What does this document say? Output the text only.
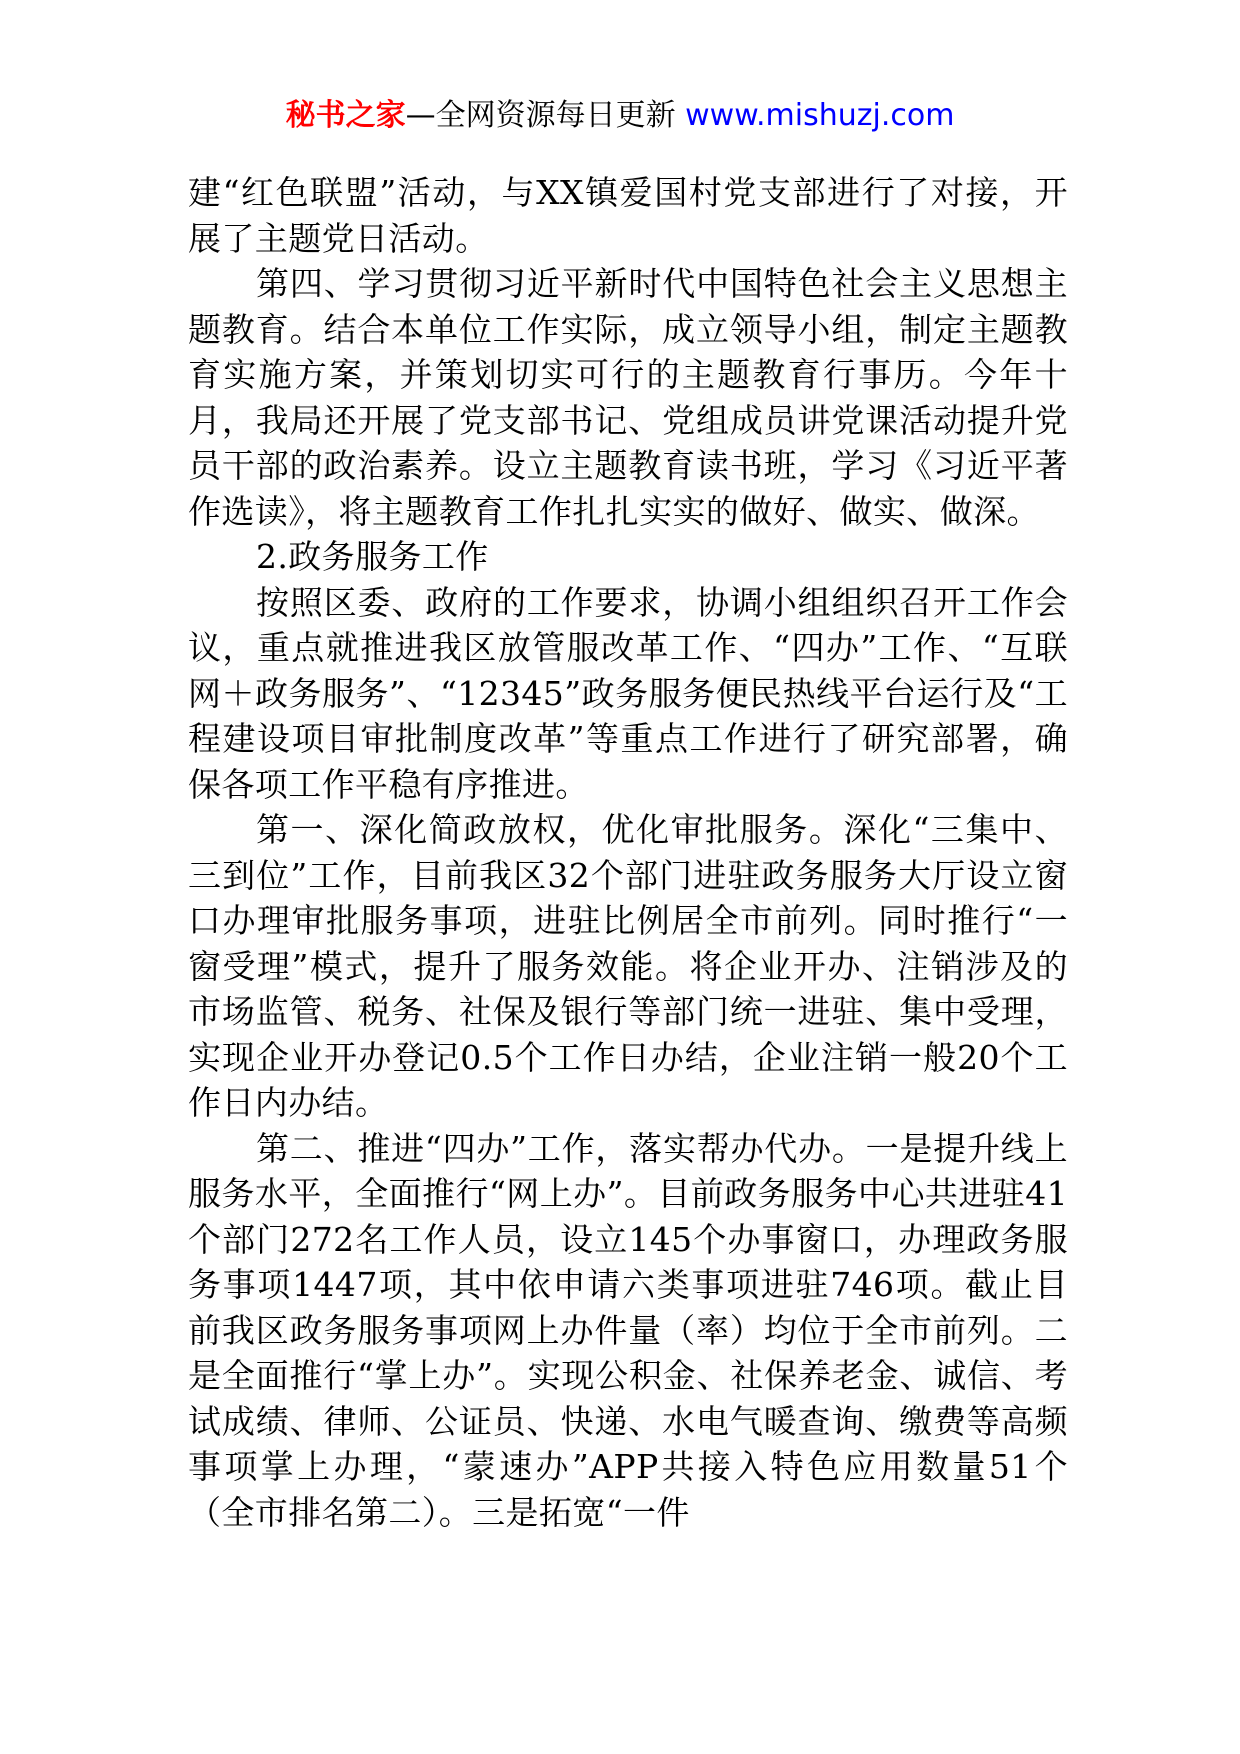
秘书之家—全网资源每日更新 www.mishuzj.com

建“红色联盟”活动，与XX镇爱国村党支部进行了对接，开展了主题党日活动。

第四、学习贯彻习近平新时代中国特色社会主义思想主题教育。结合本单位工作实际，成立领导小组，制定主题教育实施方案，并策划切实可行的主题教育行事历。今年十月，我局还开展了党支部书记、党组成员讲党课活动提升党员干部的政治素养。设立主题教育读书班，学习《习近平著作选读》，将主题教育工作扎扎实实的做好、做实、做深。

2.政务服务工作

按照区委、政府的工作要求，协调小组组织召开工作会议，重点就推进我区放管服改革工作、“四办”工作、“互联网＋政务服务”、“12345”政务服务便民热线平台运行及“工程建设项目审批制度改革”等重点工作进行了研究部署，确保各项工作平稳有序推进。

第一、深化简政放权，优化审批服务。深化“三集中、三到位”工作，目前我区32个部门进驻政务服务大厅设立窗口办理审批服务事项，进驻比例居全市前列。同时推行“一窗受理”模式，提升了服务效能。将企业开办、注销涉及的市场监管、税务、社保及银行等部门统一进驻、集中受理，实现企业开办登记0.5个工作日办结，企业注销一般20个工作日内办结。

第二、推进“四办”工作，落实帮办代办。一是提升线上服务水平，全面推行“网上办”。目前政务服务中心共进驻41个部门272名工作人员，设立145个办事窗口，办理政务服务事项1447项，其中依申请六类事项进驻746项。截止目前我区政务服务事项网上办件量（率）均位于全市前列。二是全面推行“掌上办”。实现公积金、社保养老金、诚信、考试成绩、律师、公证员、快递、水电气暖查询、缴费等高频事项掌上办理，“蒙速办”APP共接入特色应用数量51个（全市排名第二）。三是拓宽“一件
